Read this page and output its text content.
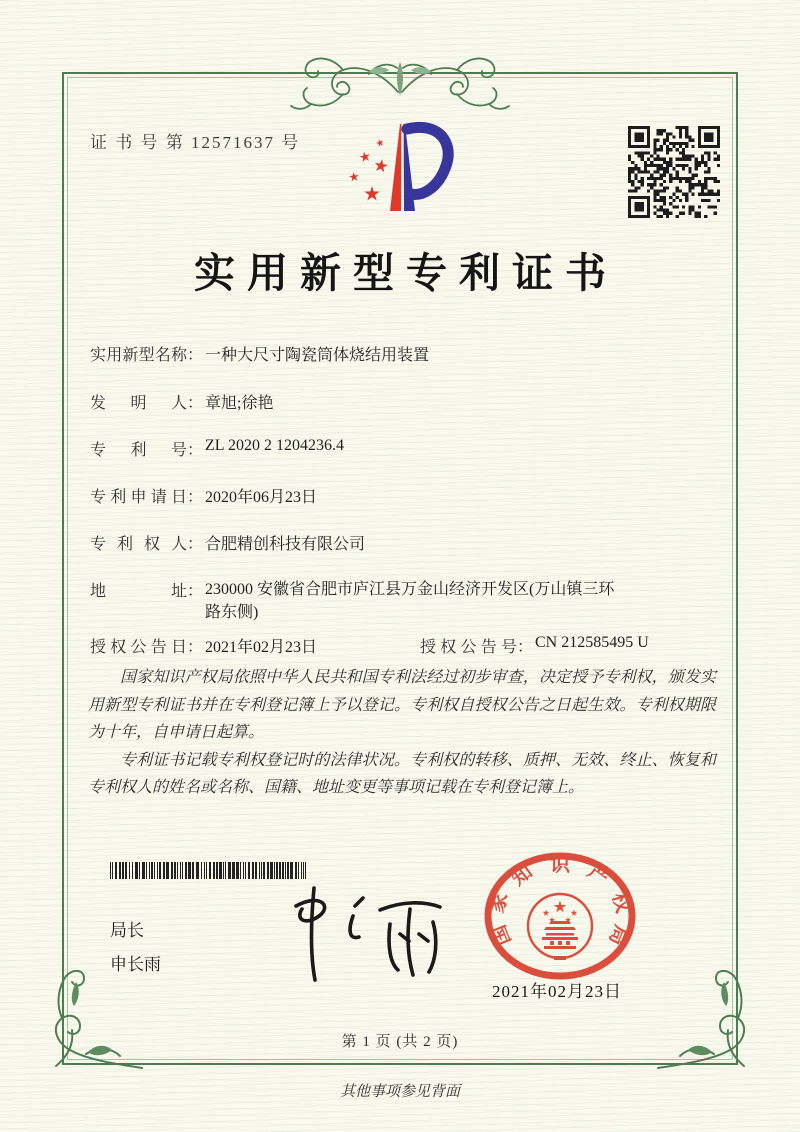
证 书 号 第 12571637 号
实用新型专利证书
实 用 新 型 名 称 ： 一种大尺寸陶瓷筒体烧结用装置
发 明 人 ： 章旭;徐艳
专 利 号 ： ZL 2020 2 1204236.4
专 利 申 请 日 ： 2020年06月23日
专 利 权 人 ： 合肥精创科技有限公司
地	址 ： 230000 安徽省合肥市庐江县万金山经济开发区(万山镇三环路东侧)
授 权 公 告 日 ： 2021年02月23日	授 权 公 告 号 ： CN 212585495 U

国家知识产权局依照中华人民共和国专利法经过初步审查，决定授予专利权，颁发实用新型专利证书并在专利登记簿上予以登记。专利权自授权公告之日起生效。专利权期限为十年，自申请日起算。

专利证书记载专利权登记时的法律状况。专利权的转移、质押、无效、终止、恢复和专利权人的姓名或名称、国籍、地址变更等事项记载在专利登记簿上。

局长
申长雨
国
家
知 识 产
权
局
2021年02月23日
第 1 页 (共 2 页)
其他事项参见背面
